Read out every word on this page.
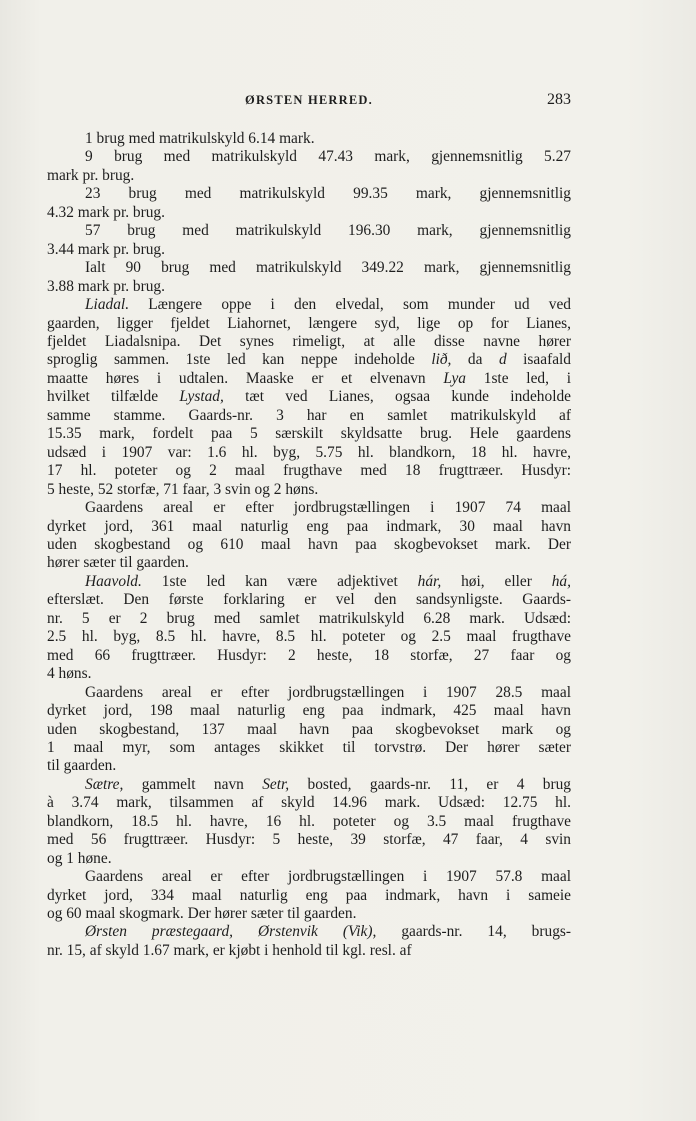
ØRSTEN HERRED.	283
1 brug med matrikulskyld 6.14 mark.
9 brug med matrikulskyld 47.43 mark, gjennemsnitlig 5.27
mark pr. brug.
23 brug med matrikulskyld 99.35 mark, gjennemsnitlig
4.32 mark pr. brug.
57 brug med matrikulskyld 196.30 mark, gjennemsnitlig
3.44 mark pr. brug.
Ialt 90 brug med matrikulskyld 349.22 mark, gjennemsnitlig
3.88 mark pr. brug.
Liadal. Længere oppe i den elvedal, som munder ud ved
gaarden, ligger fjeldet Liahornet, længere syd, lige op for Lianes,
fjeldet Liadalsnipa. Det synes rimeligt, at alle disse navne hører
sproglig sammen. 1ste led kan neppe indeholde lið, da d isaafald
maatte høres i udtalen. Maaske er et elvenavn Lya 1ste led, i
hvilket tilfælde Lystad, tæt ved Lianes, ogsaa kunde indeholde
samme stamme. Gaards-nr. 3 har en samlet matrikulskyld af
15.35 mark, fordelt paa 5 særskilt skyldsatte brug. Hele gaardens
udsæd i 1907 var: 1.6 hl. byg, 5.75 hl. blandkorn, 18 hl. havre,
17 hl. poteter og 2 maal frugthave med 18 frugttræer. Husdyr:
5 heste, 52 storfæ, 71 faar, 3 svin og 2 høns.
Gaardens areal er efter jordbrugstællingen i 1907 74 maal
dyrket jord, 361 maal naturlig eng paa indmark, 30 maal havn
uden skogbestand og 610 maal havn paa skogbevokset mark. Der
hører sæter til gaarden.
Haavold. 1ste led kan være adjektivet hár, høi, eller há,
efterslæt. Den første forklaring er vel den sandsynligste. Gaards-
nr. 5 er 2 brug med samlet matrikulskyld 6.28 mark. Udsæd:
2.5 hl. byg, 8.5 hl. havre, 8.5 hl. poteter og 2.5 maal frugthave
med 66 frugttræer. Husdyr: 2 heste, 18 storfæ, 27 faar og
4 høns.
Gaardens areal er efter jordbrugstællingen i 1907 28.5 maal
dyrket jord, 198 maal naturlig eng paa indmark, 425 maal havn
uden skogbestand, 137 maal havn paa skogbevokset mark og
1 maal myr, som antages skikket til torvstrø. Der hører sæter
til gaarden.
Sætre, gammelt navn Setr, bosted, gaards-nr. 11, er 4 brug
à 3.74 mark, tilsammen af skyld 14.96 mark. Udsæd: 12.75 hl.
blandkorn, 18.5 hl. havre, 16 hl. poteter og 3.5 maal frugthave
med 56 frugttræer. Husdyr: 5 heste, 39 storfæ, 47 faar, 4 svin
og 1 høne.
Gaardens areal er efter jordbrugstællingen i 1907 57.8 maal
dyrket jord, 334 maal naturlig eng paa indmark, havn i sameie
og 60 maal skogmark. Der hører sæter til gaarden.
Ørsten præstegaard, Ørstenvik (Vik), gaards-nr. 14, brugs-
nr. 15, af skyld 1.67 mark, er kjøbt i henhold til kgl. resl. af
